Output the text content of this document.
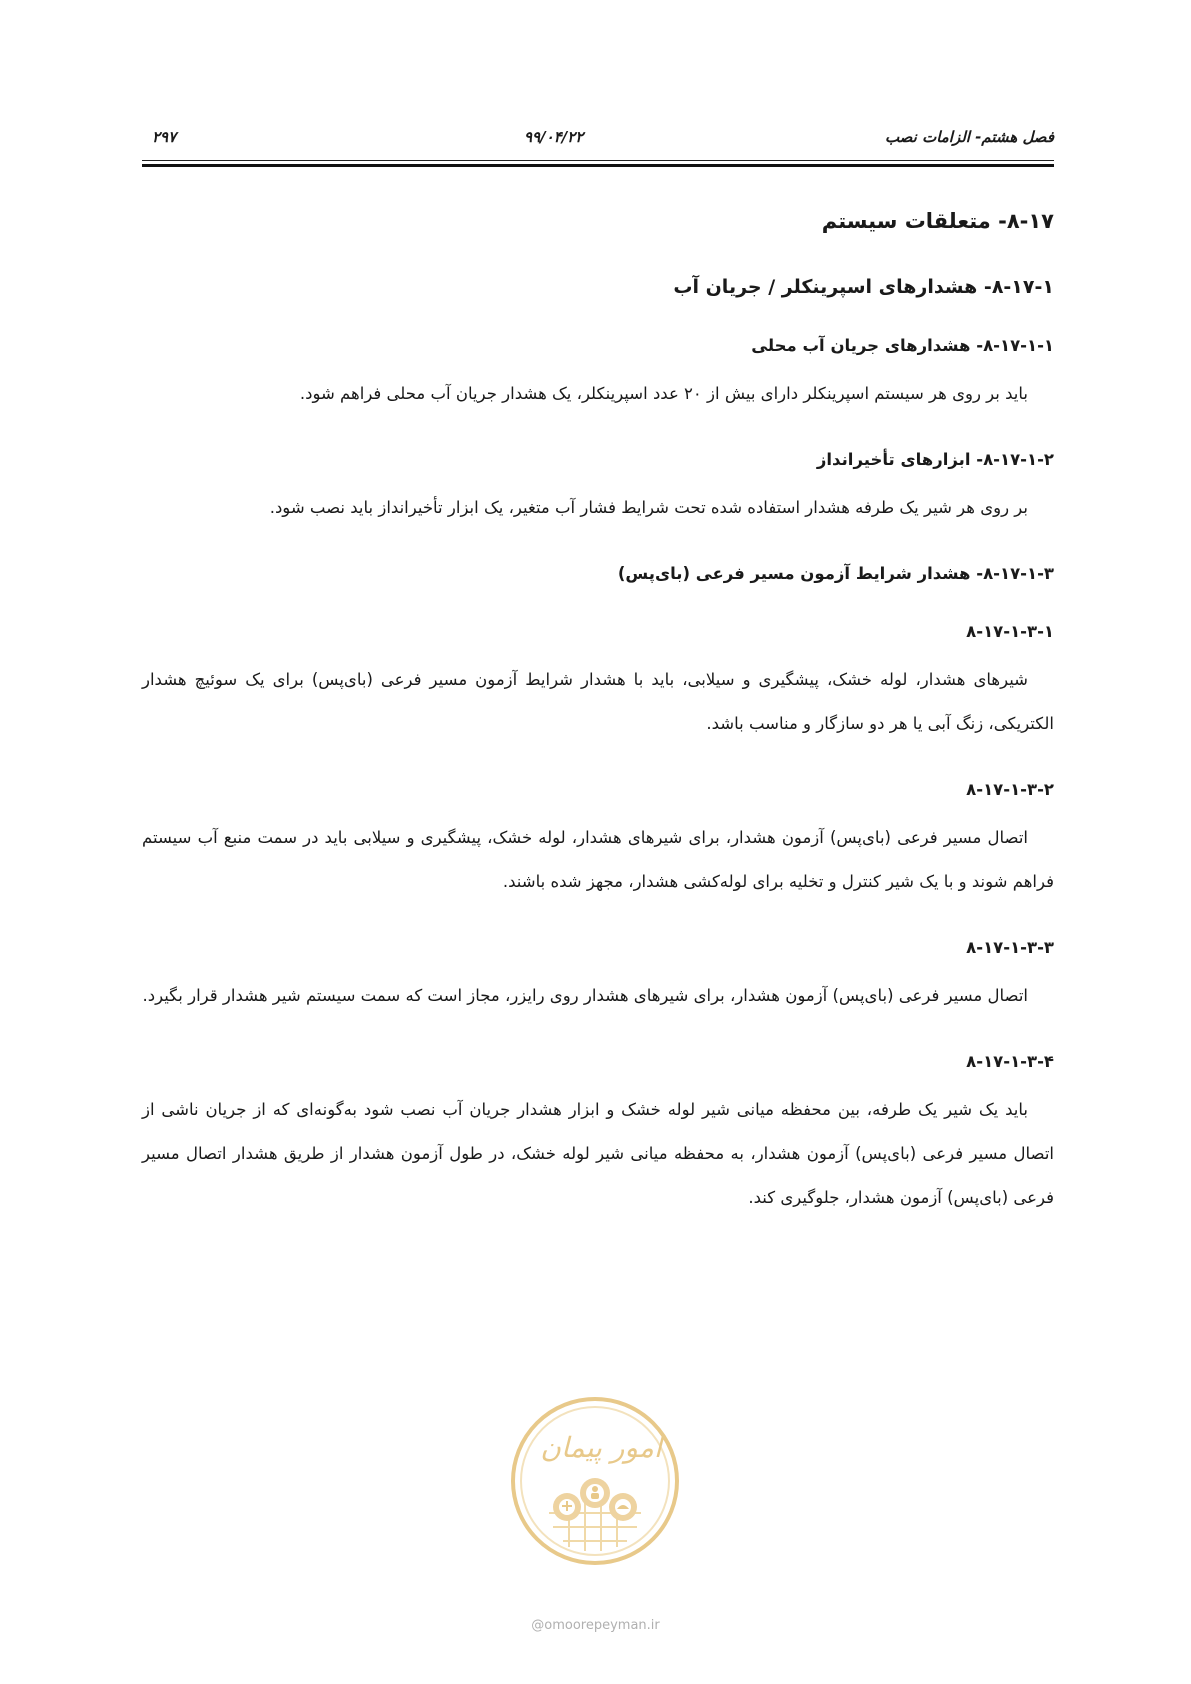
فصل هشتم- الزامات نصب
۹۹/۰۴/۲۲
۲۹۷
۸-۱۷- متعلقات سیستم
۸-۱۷-۱- هشدارهای اسپرینکلر / جریان آب
۸-۱۷-۱-۱- هشدارهای جریان آب محلی

باید بر روی هر سیستم اسپرینکلر دارای بیش از ۲۰ عدد اسپرینکلر، یک هشدار جریان آب محلی فراهم شود.

۸-۱۷-۱-۲- ابزارهای تأخیرانداز

بر روی هر شیر یک طرفه هشدار استفاده شده تحت شرایط فشار آب متغیر، یک ابزار تأخیرانداز باید نصب شود.

۸-۱۷-۱-۳- هشدار شرایط آزمون مسیر فرعی (بای‌پس)
۸-۱۷-۱-۳-۱

شیرهای هشدار، لوله خشک، پیشگیری و سیلابی، باید با هشدار شرایط آزمون مسیر فرعی (بای‌پس) برای یک سوئیچ هشدار الکتریکی، زنگ آبی یا هر دو سازگار و مناسب باشد.

۸-۱۷-۱-۳-۲

اتصال مسیر فرعی (بای‌پس) آزمون هشدار، برای شیرهای هشدار، لوله خشک، پیشگیری و سیلابی باید در سمت منبع آب سیستم فراهم شوند و با یک شیر کنترل و تخلیه برای لوله‌کشی هشدار، مجهز شده باشند.

۸-۱۷-۱-۳-۳

اتصال مسیر فرعی (بای‌پس) آزمون هشدار، برای شیرهای هشدار روی رایزر، مجاز است که سمت سیستم شیر هشدار قرار بگیرد.

۸-۱۷-۱-۳-۴

باید یک شیر یک طرفه، بین محفظه میانی شیر لوله خشک و ابزار هشدار جریان آب نصب شود به‌گونه‌ای که از جریان ناشی از اتصال مسیر فرعی (بای‌پس) آزمون هشدار، به محفظه میانی شیر لوله خشک، در طول آزمون هشدار از طریق هشدار اتصال مسیر فرعی (بای‌پس) آزمون هشدار، جلوگیری کند.

امور پیمان
@omoorepeyman.ir
